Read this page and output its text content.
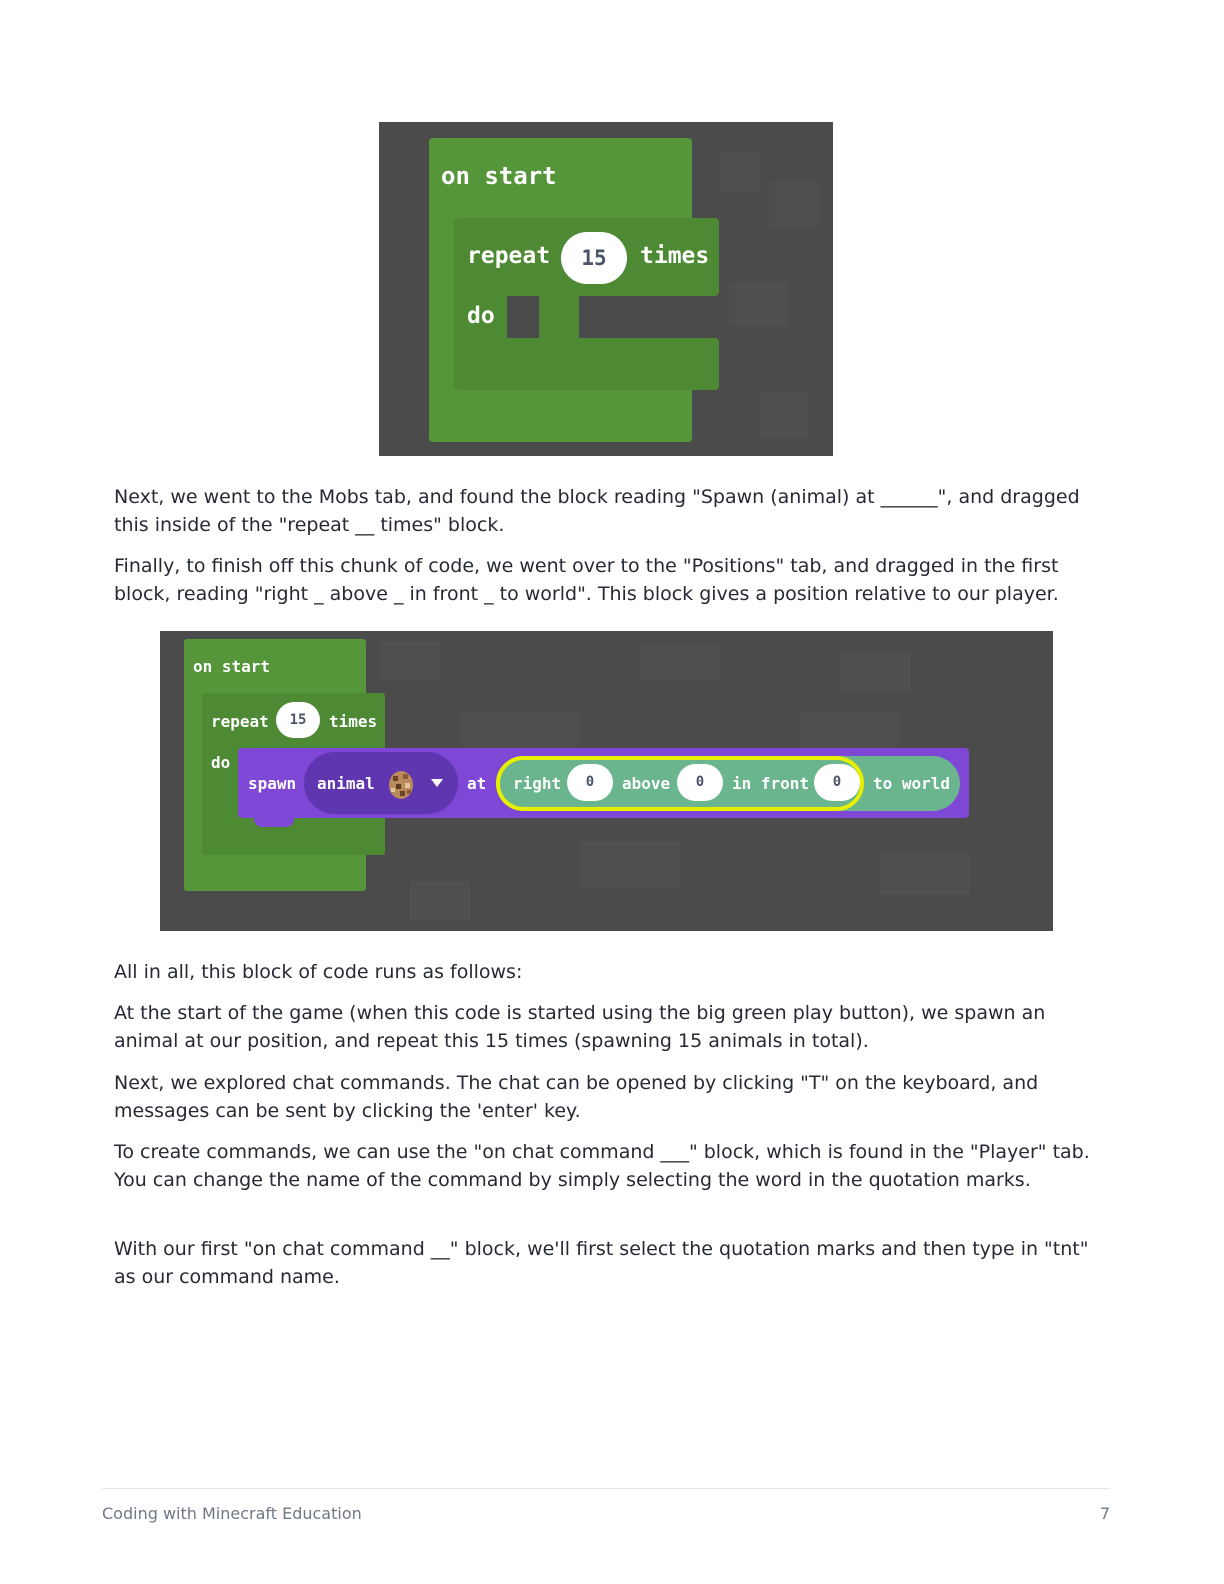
on start
repeat	15	times
do

Next, we went to the Mobs tab, and found the block reading "Spawn (animal) at ______", and dragged this inside of the "repeat __ times" block.

Finally, to finish off this chunk of code, we went over to the "Positions" tab, and dragged in the first block, reading "right _ above _ in front _ to world". This block gives a position relative to our player.

on start
repeat	15	times
do
spawn animal	at right	0	above	0	in front	0	to world

All in all, this block of code runs as follows:

At the start of the game (when this code is started using the big green play button), we spawn an animal at our position, and repeat this 15 times (spawning 15 animals in total).

Next, we explored chat commands. The chat can be opened by clicking "T" on the keyboard, and messages can be sent by clicking the 'enter' key.

To create commands, we can use the "on chat command ___" block, which is found in the "Player" tab. You can change the name of the command by simply selecting the word in the quotation marks.

With our first "on chat command __" block, we'll first select the quotation marks and then type in "tnt" as our command name.

Coding with Minecraft Education	7
